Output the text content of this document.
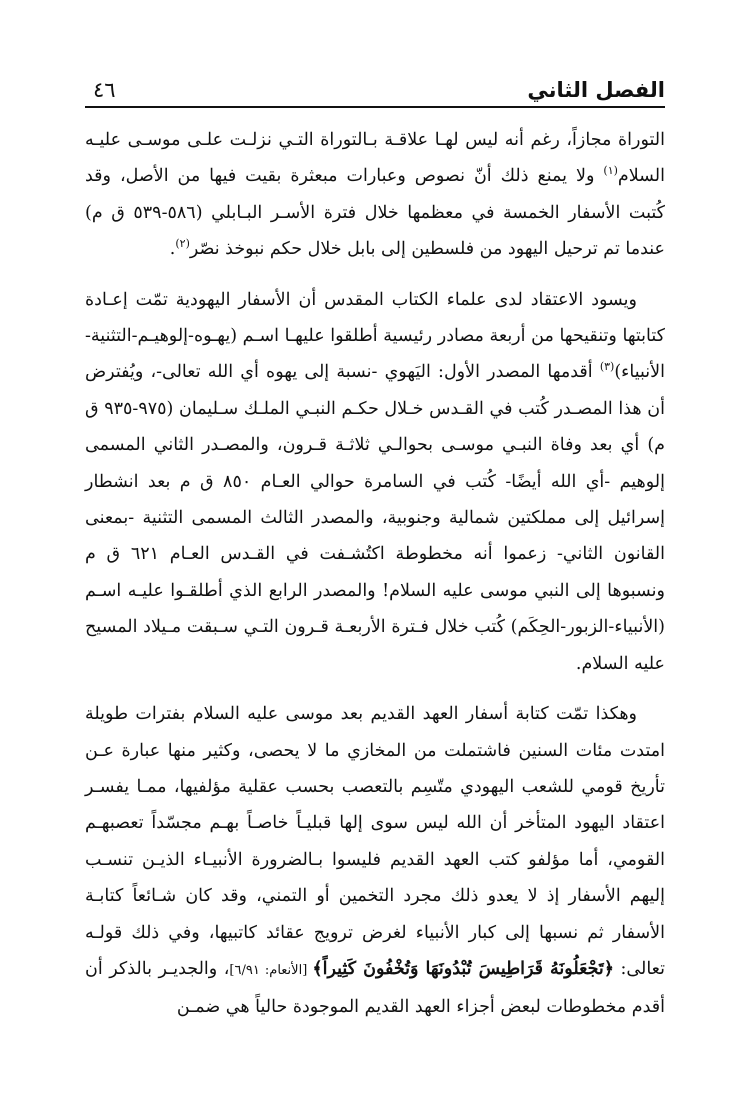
الفصل الثاني
٤٦

التوراة مجازاً، رغم أنه ليس لهـا علاقـة بـالتوراة التـي نزلـت علـى موسـى عليـه السلام$^{(١)}$ ولا يمنع ذلك أنّ نصوص وعبارات مبعثرة بقيت فيها من الأصل، وقد كُتبت الأسفار الخمسة في معظمها خلال فترة الأسـر البـابلي (٥٨٦-٥٣٩ ق م) عندما تم ترحيل اليهود من فلسطين إلى بابل خلال حكم نبوخذ نصّر$^{(٢)}$.

ويسود الاعتقاد لدى علماء الكتاب المقدس أن الأسفار اليهودية تمّت إعـادة كتابتها وتنقيحها من أربعة مصادر رئيسية أطلقوا عليهـا اسـم (يهـوه-إلوهيـم-التثنية-الأنبياء)$^{(٣)}$ أقدمها المصدر الأول: اليَهوي -نسبة إلى يهوه أي الله تعالى-، ويُفترض أن هذا المصـدر كُتب في القـدس خـلال حكـم النبـي الملـك سـليمان (٩٧٥-٩٣٥ ق م) أي بعد وفاة النبـي موسـى بحوالـي ثلاثـة قـرون، والمصـدر الثاني المسمى إلوهيم -أي الله أيضًا- كُتب في السامرة حوالي العـام ٨٥٠ ق م بعد انشطار إسرائيل إلى مملكتين شمالية وجنوبية، والمصدر الثالث المسمى التثنية -بمعنى القانون الثاني- زعموا أنه مخطوطة اكتُشـفت في القـدس العـام ٦٢١ ق م ونسبوها إلى النبي موسى عليه السلام! والمصدر الرابع الذي أطلقـوا عليـه اسـم (الأنبياء-الزبور-الحِكَم) كُتب خلال فـترة الأربعـة قـرون التـي سـبقت مـيلاد المسيح عليه السلام.

وهكذا تمّت كتابة أسفار العهد القديم بعد موسى عليه السلام بفترات طويلة امتدت مئات السنين فاشتملت من المخازي ما لا يحصى، وكثير منها عبارة عـن تأريخ قومي للشعب اليهودي متّسِم بالتعصب بحسب عقلية مؤلفيها، ممـا يفسـر اعتقاد اليهود المتأخر أن الله ليس سوى إلها قبليـاً خاصـاً بهـم مجسّداً تعصبهـم القومي، أما مؤلفو كتب العهد القديم فليسوا بـالضرورة الأنبيـاء الذيـن تنسـب إليهم الأسفار إذ لا يعدو ذلك مجرد التخمين أو التمني، وقد كان شـائعاً كتابـة الأسفار ثم نسبها إلى كبار الأنبياء لغرض ترويج عقائد كاتبيها، وفي ذلك قولـه تعالى: ﴿تَجْعَلُونَهُ قَرَاطِيسَ تُبْدُونَهَا وَتُخْفُونَ كَثِيراً﴾ [الأنعام: ٦/٩١]، والجديـر بالذكر أن أقدم مخطوطات لبعض أجزاء العهد القديم الموجودة حالياً هي ضمـن
